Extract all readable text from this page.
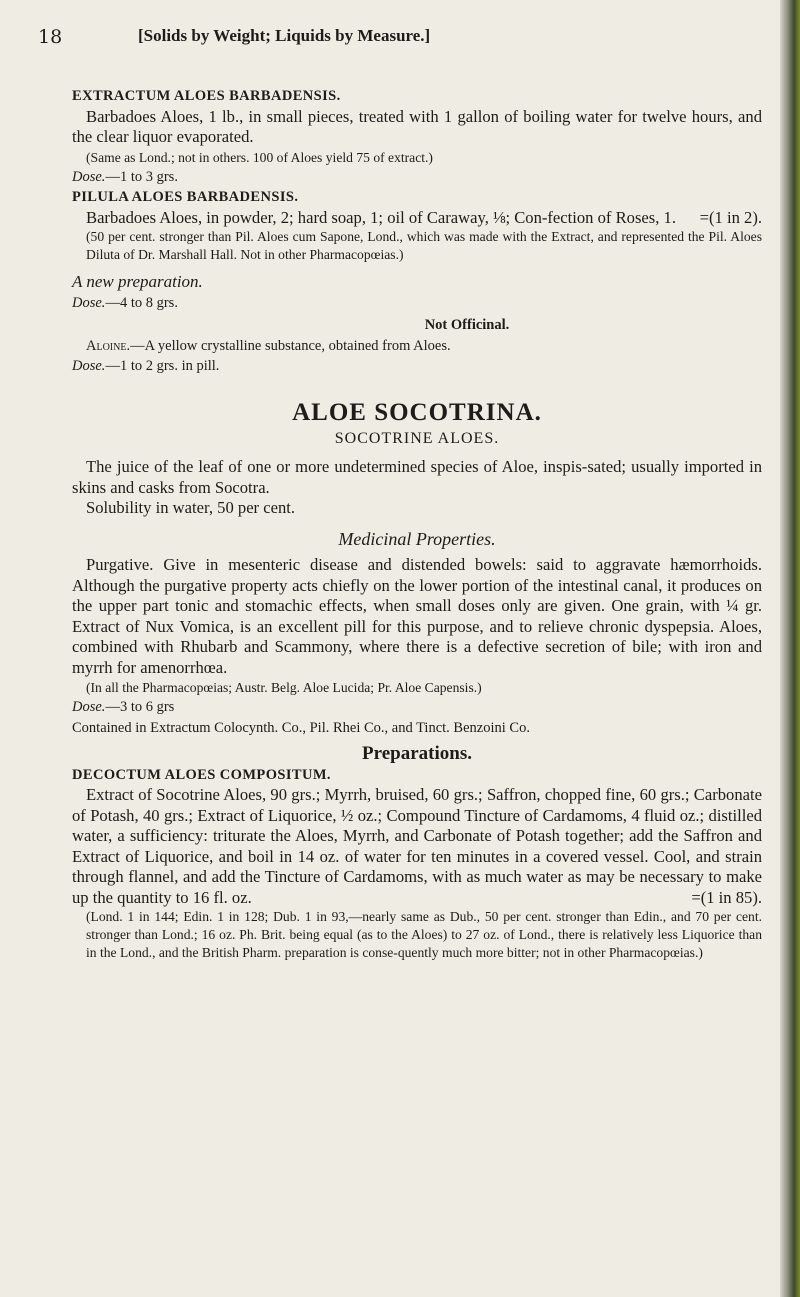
18	[Solids by Weight; Liquids by Measure.]

EXTRACTUM ALOES BARBADENSIS.

Barbadoes Aloes, 1 lb., in small pieces, treated with 1 gallon of boiling water for twelve hours, and the clear liquor evaporated.

(Same as Lond.; not in others. 100 of Aloes yield 75 of extract.)

Dose.—1 to 3 grs.

PILULA ALOES BARBADENSIS.

Barbadoes Aloes, in powder, 2; hard soap, 1; oil of Caraway, ⅛; Con-fection of Roses, 1.	=(1 in 2).

(50 per cent. stronger than Pil. Aloes cum Sapone, Lond., which was made with the Extract, and represented the Pil. Aloes Diluta of Dr. Marshall Hall. Not in other Pharmacopœias.)

A new preparation.

Dose.—4 to 8 grs.

Not Officinal.

Aloine.—A yellow crystalline substance, obtained from Aloes.

Dose.—1 to 2 grs. in pill.

ALOE SOCOTRINA.

SOCOTRINE ALOES.

The juice of the leaf of one or more undetermined species of Aloe, inspis-sated; usually imported in skins and casks from Socotra.

Solubility in water, 50 per cent.

Medicinal Properties.

Purgative. Give in mesenteric disease and distended bowels: said to aggravate hæmorrhoids. Although the purgative property acts chiefly on the lower portion of the intestinal canal, it produces on the upper part tonic and stomachic effects, when small doses only are given. One grain, with ¼ gr. Extract of Nux Vomica, is an excellent pill for this purpose, and to relieve chronic dyspepsia. Aloes, combined with Rhubarb and Scammony, where there is a defective secretion of bile; with iron and myrrh for amenorrhœa.

(In all the Pharmacopœias; Austr. Belg. Aloe Lucida; Pr. Aloe Capensis.)

Dose.—3 to 6 grs

Contained in Extractum Colocynth. Co., Pil. Rhei Co., and Tinct. Benzoini Co.

Preparations.

DECOCTUM ALOES COMPOSITUM.

Extract of Socotrine Aloes, 90 grs.; Myrrh, bruised, 60 grs.; Saffron, chopped fine, 60 grs.; Carbonate of Potash, 40 grs.; Extract of Liquorice, ½ oz.; Compound Tincture of Cardamoms, 4 fluid oz.; distilled water, a sufficiency: triturate the Aloes, Myrrh, and Carbonate of Potash together; add the Saffron and Extract of Liquorice, and boil in 14 oz. of water for ten minutes in a covered vessel. Cool, and strain through flannel, and add the Tincture of Cardamoms, with as much water as may be necessary to make up the quantity to 16 fl. oz.	=(1 in 85).

(Lond. 1 in 144; Edin. 1 in 128; Dub. 1 in 93,—nearly same as Dub., 50 per cent. stronger than Edin., and 70 per cent. stronger than Lond.; 16 oz. Ph. Brit. being equal (as to the Aloes) to 27 oz. of Lond., there is relatively less Liquorice than in the Lond., and the British Pharm. preparation is conse-quently much more bitter; not in other Pharmacopœias.)
